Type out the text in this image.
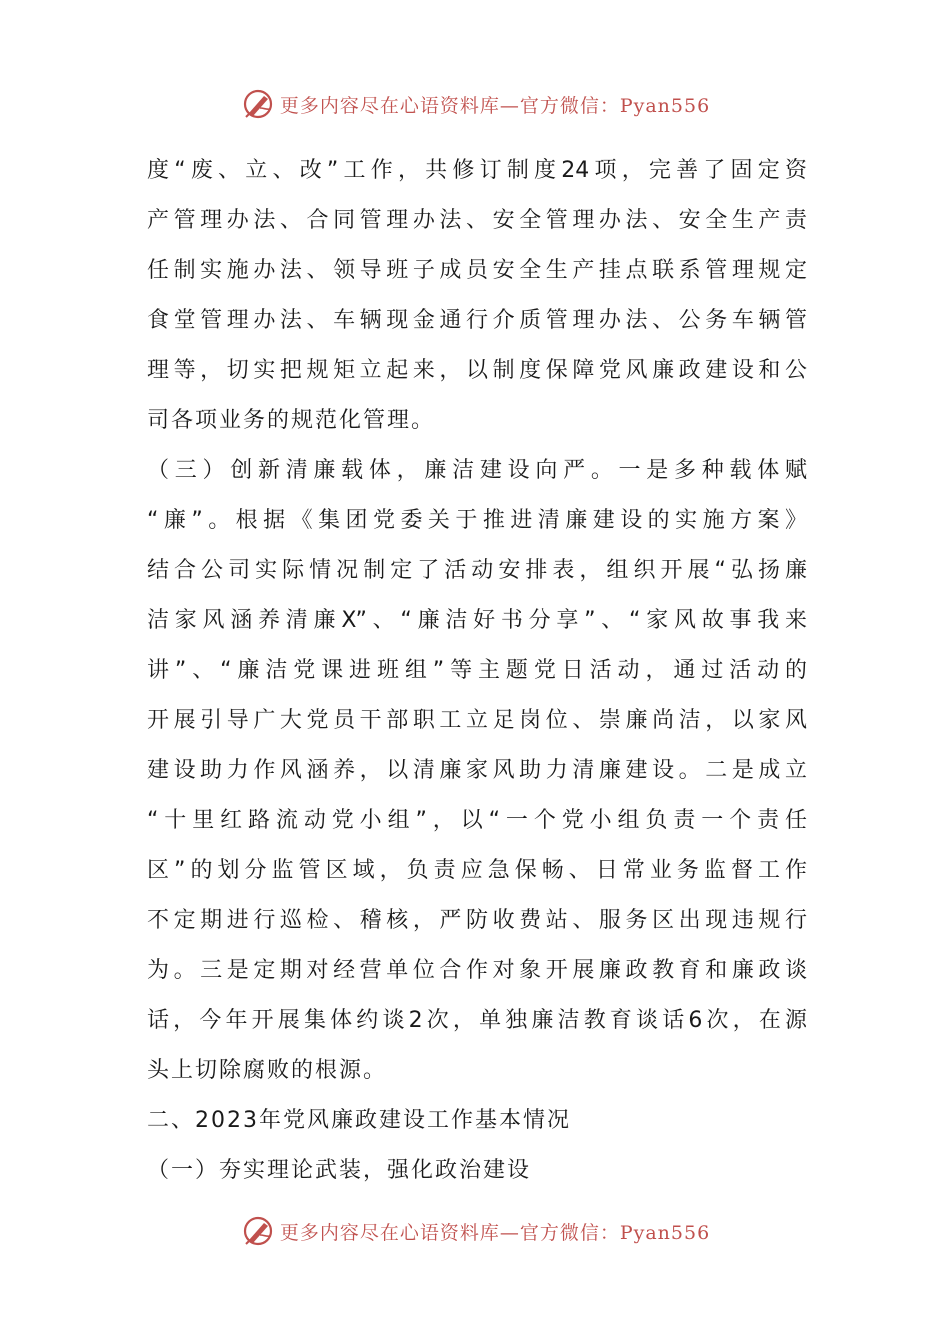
更多内容尽在心语资料库—官方微信：Pyan556
度“废、立、改”工作，共修订制度24项，完善了固定资
产管理办法、合同管理办法、安全管理办法、安全生产责
任制实施办法、领导班子成员安全生产挂点联系管理规定
食堂管理办法、车辆现金通行介质管理办法、公务车辆管
理等，切实把规矩立起来，以制度保障党风廉政建设和公
司各项业务的规范化管理。
（三）创新清廉载体，廉洁建设向严。一是多种载体赋
“廉”。根据《集团党委关于推进清廉建设的实施方案》
结合公司实际情况制定了活动安排表，组织开展“弘扬廉
洁家风涵养清廉X”、“廉洁好书分享”、“家风故事我来
讲”、“廉洁党课进班组”等主题党日活动，通过活动的
开展引导广大党员干部职工立足岗位、崇廉尚洁，以家风
建设助力作风涵养，以清廉家风助力清廉建设。二是成立
“十里红路流动党小组”，以“一个党小组负责一个责任
区”的划分监管区域，负责应急保畅、日常业务监督工作
不定期进行巡检、稽核，严防收费站、服务区出现违规行
为。三是定期对经营单位合作对象开展廉政教育和廉政谈
话，今年开展集体约谈2次，单独廉洁教育谈话6次，在源
头上切除腐败的根源。
二、2023年党风廉政建设工作基本情况
（一）夯实理论武装，强化政治建设
更多内容尽在心语资料库—官方微信：Pyan556
